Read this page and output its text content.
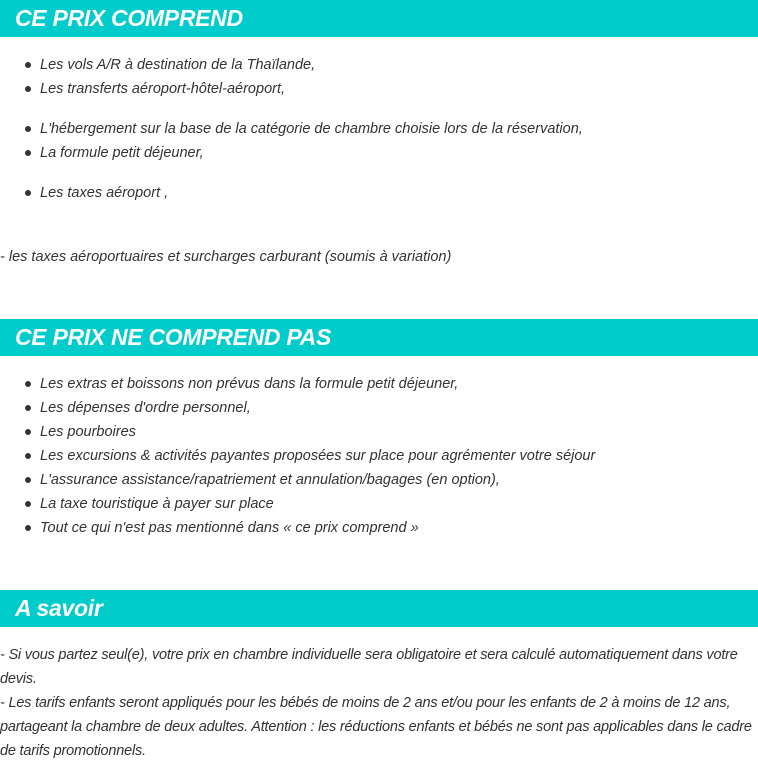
CE PRIX COMPREND
Les vols A/R à destination de la Thaïlande,
Les transferts aéroport-hôtel-aéroport,
L'hébergement sur la base de la catégorie de chambre choisie lors de la réservation,
La formule petit déjeuner,
Les taxes aéroport ,
- les taxes aéroportuaires et surcharges carburant (soumis à variation)
CE PRIX NE COMPREND PAS
Les extras et boissons non prévus dans la formule petit déjeuner,
Les dépenses d'ordre personnel,
Les pourboires
Les excursions & activités payantes proposées sur place pour agrémenter votre séjour
L'assurance assistance/rapatriement et annulation/bagages (en option),
La taxe touristique à payer sur place
Tout ce qui n'est pas mentionné dans « ce prix comprend »
A savoir

- Si vous partez seul(e), votre prix en chambre individuelle sera obligatoire et sera calculé automatiquement dans votre devis.

- Les tarifs enfants seront appliqués pour les bébés de moins de 2 ans et/ou pour les enfants de 2 à moins de 12 ans, partageant la chambre de deux adultes. Attention : les réductions enfants et bébés ne sont pas applicables dans le cadre de tarifs promotionnels.
